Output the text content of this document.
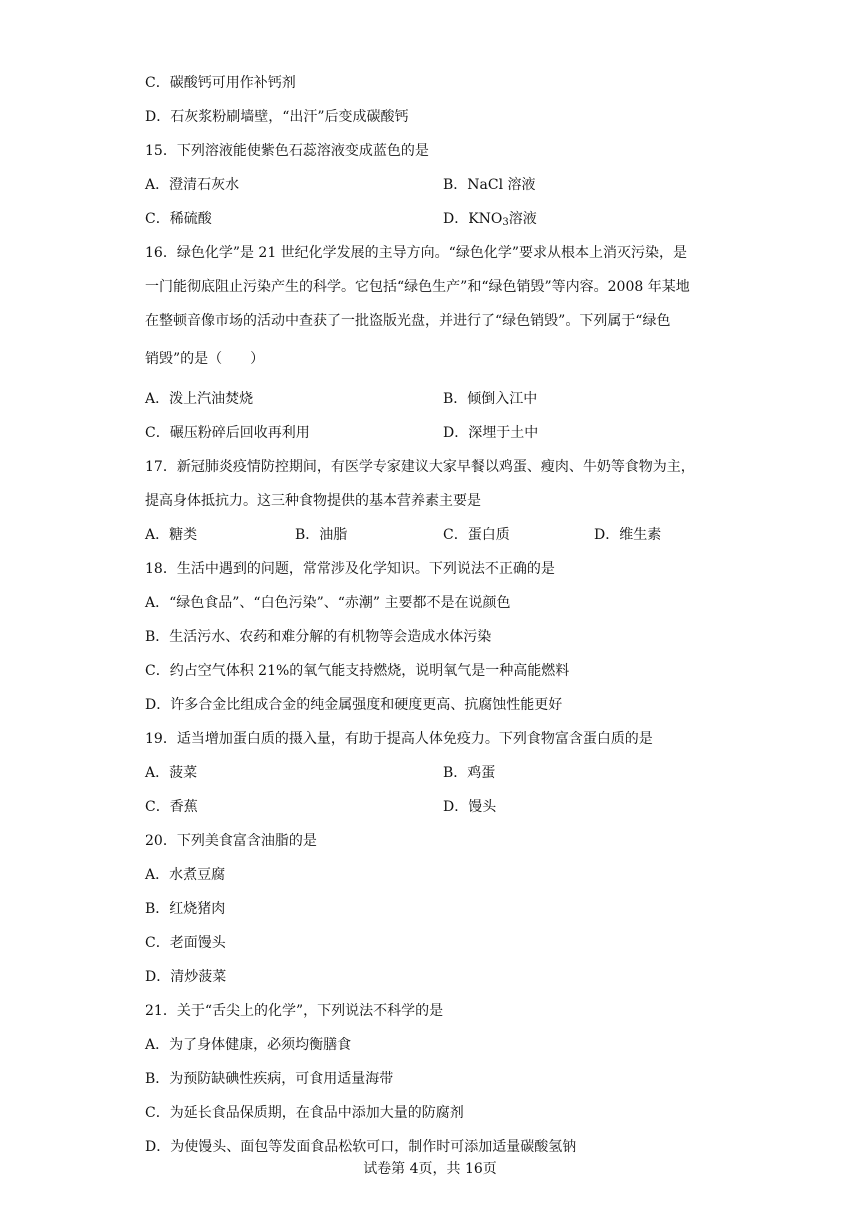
C．碳酸钙可用作补钙剂
D．石灰浆粉刷墙壁，“出汗”后变成碳酸钙
15．下列溶液能使紫色石蕊溶液变成蓝色的是
A．澄清石灰水	B．NaCl 溶液
C．稀硫酸	D．$KNO_3$溶液
16．绿色化学”是 21 世纪化学发展的主导方向。“绿色化学”要求从根本上消灭污染，是
一门能彻底阻止污染产生的科学。它包括“绿色生产”和“绿色销毁”等内容。2008 年某地
在整顿音像市场的活动中查获了一批盗版光盘，并进行了“绿色销毁”。下列属于“绿色
销毁”的是（　　）
A．泼上汽油焚烧	B．倾倒入江中
C．碾压粉碎后回收再利用	D．深埋于土中
17．新冠肺炎疫情防控期间，有医学专家建议大家早餐以鸡蛋、瘦肉、牛奶等食物为主，
提高身体抵抗力。这三种食物提供的基本营养素主要是
A．糖类	B．油脂	C．蛋白质	D．维生素
18．生活中遇到的问题，常常涉及化学知识。下列说法不正确的是
A．“绿色食品”、“白色污染”、“赤潮” 主要都不是在说颜色
B．生活污水、农药和难分解的有机物等会造成水体污染
C．约占空气体积 21%的氧气能支持燃烧，说明氧气是一种高能燃料
D．许多合金比组成合金的纯金属强度和硬度更高、抗腐蚀性能更好
19．适当增加蛋白质的摄入量，有助于提高人体免疫力。下列食物富含蛋白质的是
A．菠菜	B．鸡蛋
C．香蕉	D．馒头
20．下列美食富含油脂的是
A．水煮豆腐
B．红烧猪肉
C．老面馒头
D．清炒菠菜
21．关于“舌尖上的化学”，下列说法不科学的是
A．为了身体健康，必须均衡膳食
B．为预防缺碘性疾病，可食用适量海带
C．为延长食品保质期，在食品中添加大量的防腐剂
D．为使馒头、面包等发面食品松软可口，制作时可添加适量碳酸氢钠
试卷第 4页，共 16页
